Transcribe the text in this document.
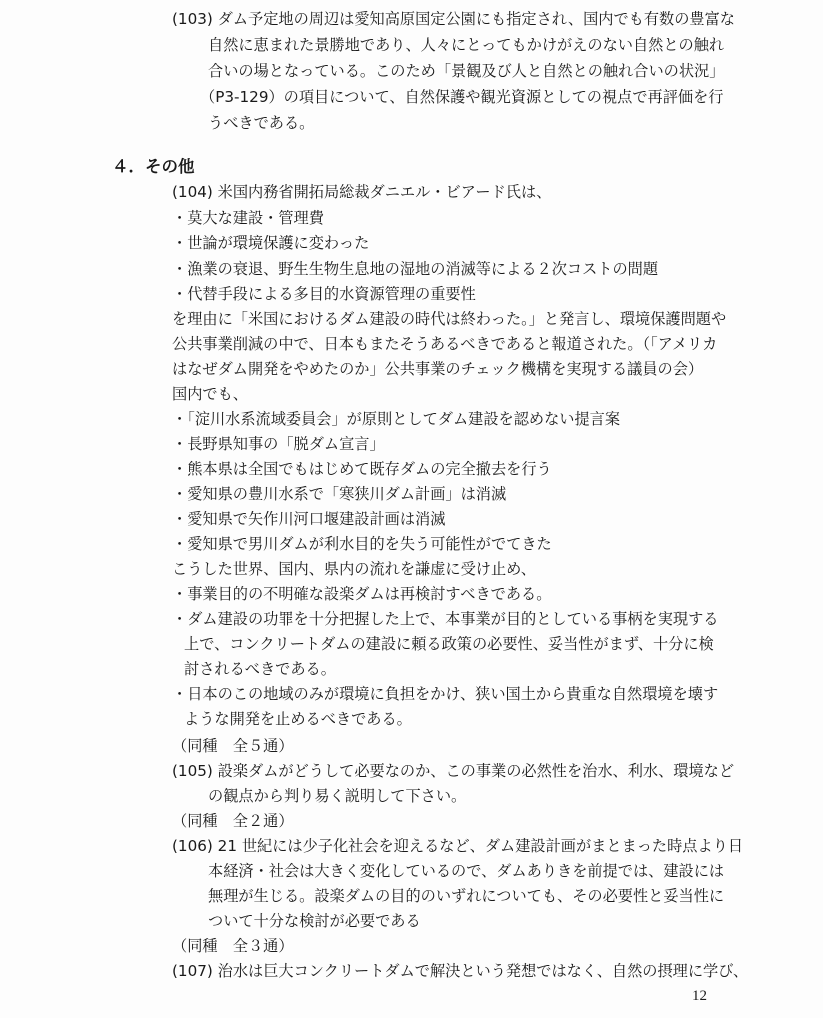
(103) ダム予定地の周辺は愛知高原国定公園にも指定され、国内でも有数の豊富な
自然に恵まれた景勝地であり、人々にとってもかけがえのない自然との触れ
合いの場となっている。このため「景観及び人と自然との触れ合いの状況」
（P3-129）の項目について、自然保護や観光資源としての視点で再評価を行
うべきである。
４．その他
(104) 米国内務省開拓局総裁ダニエル・ビアード氏は、
・莫大な建設・管理費
・世論が環境保護に変わった
・漁業の衰退、野生生物生息地の湿地の消滅等による２次コストの問題
・代替手段による多目的水資源管理の重要性
を理由に「米国におけるダム建設の時代は終わった。」と発言し、環境保護問題や
公共事業削減の中で、日本もまたそうあるべきであると報道された。（「アメリカ
はなぜダム開発をやめたのか」公共事業のチェック機構を実現する議員の会）
国内でも、
・「淀川水系流域委員会」が原則としてダム建設を認めない提言案
・長野県知事の「脱ダム宣言」
・熊本県は全国でもはじめて既存ダムの完全撤去を行う
・愛知県の豊川水系で「寒狭川ダム計画」は消滅
・愛知県で矢作川河口堰建設計画は消滅
・愛知県で男川ダムが利水目的を失う可能性がでてきた
こうした世界、国内、県内の流れを謙虚に受け止め、
・事業目的の不明確な設楽ダムは再検討すべきである。
・ダム建設の功罪を十分把握した上で、本事業が目的としている事柄を実現する
上で、コンクリートダムの建設に頼る政策の必要性、妥当性がまず、十分に検
討されるべきである。
・日本のこの地域のみが環境に負担をかけ、狭い国土から貴重な自然環境を壊す
ような開発を止めるべきである。
（同種　全５通）
(105) 設楽ダムがどうして必要なのか、この事業の必然性を治水、利水、環境など
の観点から判り易く説明して下さい。
（同種　全２通）
(106) 21 世紀には少子化社会を迎えるなど、ダム建設計画がまとまった時点より日
本経済・社会は大きく変化しているので、ダムありきを前提では、建設には
無理が生じる。設楽ダムの目的のいずれについても、その必要性と妥当性に
ついて十分な検討が必要である
（同種　全３通）
(107) 治水は巨大コンクリートダムで解決という発想ではなく、自然の摂理に学び、
12
